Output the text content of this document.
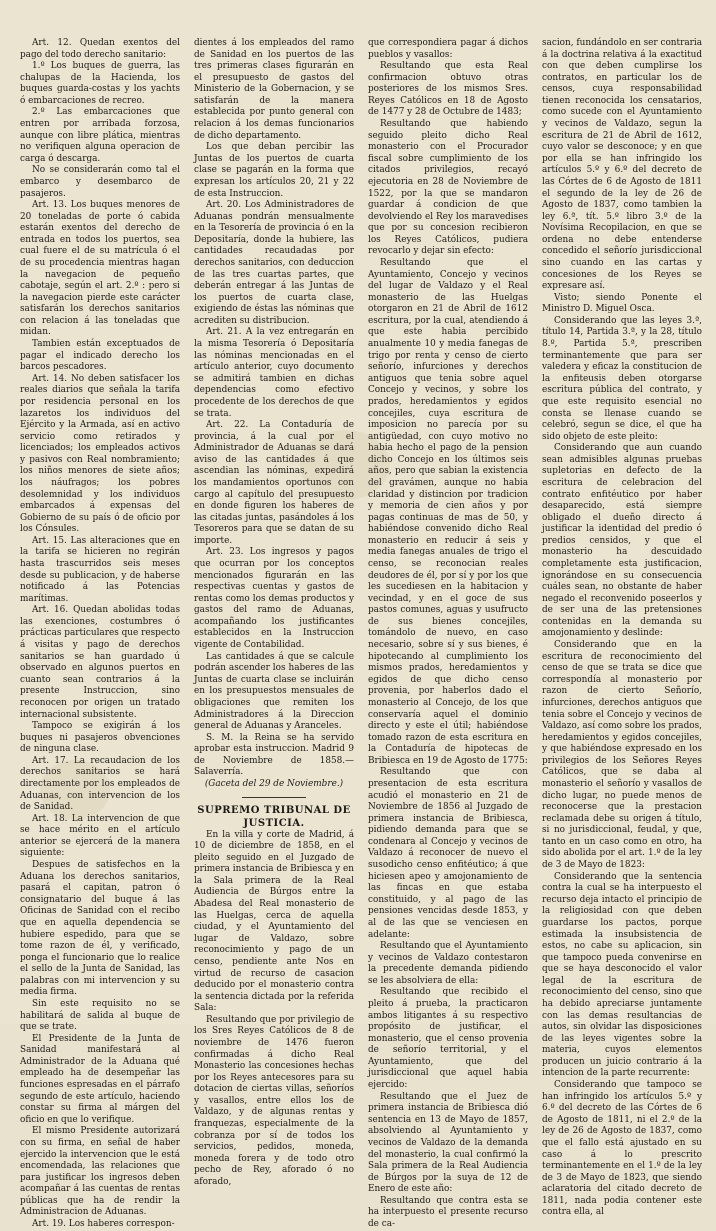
Art. 12. Quedan exentos del pago del todo derecho sanitario:

1.º Los buques de guerra, las chalupas de la Hacienda, los buques guarda-costas y los yachts ó embarcaciones de recreo.

2.º Las embarcaciones que entren por arribada forzosa, aunque con libre plática, mientras no verifiquen alguna operacion de carga ó descarga.

No se considerarán como tal el embarco y desembarco de pasajeros.

Art. 13. Los buques menores de 20 toneladas de porte ó cabida estarán exentos del derecho de entrada en todos los puertos, sea cual fuere el de su matrícula ó el de su procedencia mientras hagan la navegacion de pequeño cabotaje, según el art. 2.º : pero si la navegacion pierde este carácter satisfarán los derechos sanitarios con relacion á las toneladas que midan.

Tambien están exceptuados de pagar el indicado derecho los barcos pescadores.

Art. 14. No deben satisfacer los reales diarios que señala la tarifa por residencia personal en los lazaretos los individuos del Ejército y la Armada, así en activo servicio como retirados y licenciados; los empleados activos y pasivos con Real nombramiento; los niños menores de siete años; los náufragos; los pobres desolemnidad y los individuos embarcados á expensas del Gobierno de su país ó de oficio por los Cónsules.

Art. 15. Las alteraciones que en la tarifa se hicieren no regirán hasta trascurridos seis meses desde su publicacion, y de haberse notificado á las Potencias marítimas.

Art. 16. Quedan abolidas todas las exenciones, costumbres ó prácticas particulares que respecto á visitas y pago de derechos sanitarios se han guardado ú observado en algunos puertos en cuanto sean contrarios á la presente Instruccion, sino reconocen por origen un tratado internacional subsistente.

Tampoco se exigirán á los buques ni pasajeros obvenciones de ninguna clase.

Art. 17. La recaudacion de los derechos sanitarios se hará directamente por los empleados de Aduanas, con intervencion de los de Sanidad.

Art. 18. La intervencion de que se hace mérito en el artículo anterior se ejercerá de la manera siguiente:

Despues de satisfechos en la Aduana los derechos sanitarios, pasará el capitan, patron ó consignatario del buque á las Oficinas de Sanidad con el recibo que en aquella dependencia se hubiere espedido, para que se tome razon de él, y verificado, ponga el funcionario que lo realice el sello de la Junta de Sanidad, las palabras con mi intervencion y su media firma.

Sin este requisito no se habilitará de salida al buque de que se trate.

El Presidente de la Junta de Sanidad manifestará al Administrador de la Aduana qué empleado ha de desempeñar las funciones espresadas en el párrafo segundo de este artículo, haciendo constar su firma al márgen del oficio en que lo verifique.

El mismo Presidente autorizará con su firma, en señal de haber ejercido la intervencion que le está encomendada, las relaciones que para justificar los ingresos deben acompañar á las cuentas de rentas públicas que ha de rendir la Administracion de Aduanas.

Art. 19. Los haberes correspon-

dientes á los empleados del ramo de Sanidad en los puertos de las tres primeras clases figurarán en el presupuesto de gastos del Ministerio de la Gobernacion, y se satisfarán de la manera establecida por punto general con relacion á los demas funcionarios de dicho departamento.

Los que deban percibir las Juntas de los puertos de cuarta clase se pagarán en la forma que expresan los artículos 20, 21 y 22 de esta Instruccion.

Art. 20. Los Administradores de Aduanas pondrán mensualmente en la Tesorería de provincia ó en la Depositaría, donde la hubiere, las cantidades recaudadas por derechos sanitarios, con deduccion de las tres cuartas partes, que deberán entregar á las Juntas de los puertos de cuarta clase, exigiendo de éstas las nóminas que acrediten su distribucion.

Art. 21. A la vez entregarán en la misma Tesorería ó Depositaría las nóminas mencionadas en el artículo anterior, cuyo documento se admitirá tambien en dichas dependencias como efectivo procedente de los derechos de que se trata.

Art. 22. La Contaduría de provincia, á la cual por el Administrador de Aduanas se dará aviso de las cantidades á que ascendian las nóminas, expedirá los mandamientos oportunos con cargo al capítulo del presupuesto en donde figuren los haberes de las citadas juntas, pasándoles á los Tesoreros para que se datan de su importe.

Art. 23. Los ingresos y pagos que ocurran por los conceptos mencionados figurarán en las respectivas cuentas y gastos de rentas como los demas productos y gastos del ramo de Aduanas, acompañando los justificantes establecidos en la Instruccion vigente de Contabilidad.

Las cantidades á que se calcule podrán ascender los haberes de las Juntas de cuarta clase se incluirán en los presupuestos mensuales de obligaciones que remiten los Administradores á la Direccion general de Aduanas y Aranceles.

S. M. la Reina se ha servido aprobar esta instruccion. Madrid 9 de Noviembre de 1858.—Salaverría.

(Gaceta del 29 de Noviembre.)

SUPREMO TRIBUNAL DE JUSTICIA.

En la villa y corte de Madrid, á 10 de diciembre de 1858, en el pleito seguido en el Juzgado de primera instancia de Bribiesca y en la Sala primera de la Real Audiencia de Búrgos entre la Abadesa del Real monasterio de las Huelgas, cerca de aquella ciudad, y el Ayuntamiento del lugar de Valdazo, sobre reconocimiento y pago de un censo, pendiente ante Nos en virtud de recurso de casacion deducido por el monasterio contra la sentencia dictada por la referida Sala:

Resultando que por privilegio de los Sres Reyes Católicos de 8 de noviembre de 1476 fueron confirmadas á dicho Real Monasterio las concesiones hechas por los Reyes antecesores para su dotacion de ciertas villas, señoríos y vasallos, entre ellos los de Valdazo, y de algunas rentas y franquezas, especialmente de la cobranza por sí de todos los servicios, pedidos, moneda, moneda forera y de todo otro pecho de Rey, aforado ó no aforado,

que correspondiera pagar á dichos pueblos y vasallos:

Resultando que esta Real confirmacion obtuvo otras posteriores de los mismos Sres. Reyes Católicos en 18 de Agosto de 1477 y 28 de Octubre de 1483;

Resultando que habiendo seguido pleito dicho Real monasterio con el Procurador fiscal sobre cumplimiento de los citados privilegios, recayó ejecutoria en 28 de Noviembre de 1522, por la que se mandaron guardar á condicion de que devolviendo el Rey los maravedises que por su concesion recibieron los Reyes Católicos, pudiera revocarlo y dejar sin efecto:

Resultando que el Ayuntamiento, Concejo y vecinos del lugar de Valdazo y el Real monasterio de las Huelgas otorgaron en 21 de Abril de 1612 escritura, por la cual, atendiendo á que este habia percibido anualmente 10 y media fanegas de trigo por renta y censo de cierto señorío, infurciones y derechos antiguos que tenia sobre aquel Concejo y vecinos, y sobre los prados, heredamientos y egidos concejiles, cuya escritura de imposicion no parecía por su antigüedad, con cuyo motivo no habia hecho el pago de la pension dicho Concejo en los últimos seis años, pero que sabian la existencia del gravámen, aunque no habia claridad y distincion por tradicion y memoria de cien años y por pagas continuas de mas de 50, y habiéndose convenido dicho Real monasterio en reducir á seis y media fanegas anuales de trigo el censo, se reconocian reales deudores de él, por sí y por los que les sucediesen en la habitacion y vecindad, y en el goce de sus pastos comunes, aguas y usufructo de sus bienes concejiles, tomándolo de nuevo, en caso necesario, sobre sí y sus bienes, é hipotecando al cumplimiento los mismos prados, heredamientos y egidos de que dicho censo provenia, por haberlos dado el monasterio al Concejo, de los que conservaría aquel el dominio directo y este el útil; habiéndose tomado razon de esta escritura en la Contaduría de hipotecas de Bribiesca en 19 de Agosto de 1775:

Resultando que con presentacion de esta escritura acudió el monasterio en 21 de Noviembre de 1856 al Juzgado de primera instancia de Bribiesca, pidiendo demanda para que se condenara al Concejo y vecinos de Valdazo á reconocer de nuevo el susodicho censo enfitéutico; á que hiciesen apeo y amojonamiento de las fincas en que estaba constituido, y al pago de las pensiones vencidas desde 1853, y al de las que se venciesen en adelante:

Resultando que el Ayuntamiento y vecinos de Valdazo contestaron la precedente demanda pidiendo se les absolviera de ella:

Resultando que recibido el pleito á prueba, la practicaron ambos litigantes á su respectivo propósito de justificar, el monasterio, que el censo provenia de señorío territorial, y el Ayuntamiento, que del jurisdiccional que aquel habia ejercido:

Resultando que el Juez de primera instancia de Bribiesca dió sentencia en 13 de Mayo de 1857, absolviendo al Ayuntamiento y vecinos de Valdazo de la demanda del monasterio, la cual confirmó la Sala primera de la Real Audiencia de Búrgos por la suya de 12 de Enero de este año:

Resultando que contra esta se ha interpuesto el presente recurso de ca-

sacion, fundándolo en ser contraria á la doctrina relativa á la exactitud con que deben cumplirse los contratos, en particular los de censos, cuya responsabilidad tienen reconocida los censatarios, como sucede con el Ayuntamiento y vecinos de Valdazo, segun la escritura de 21 de Abril de 1612, cuyo valor se desconoce; y en que por ella se han infringido los artículos 5.º y 6.º del decreto de las Córtes de 6 de Agosto de 1811 el segundo de la ley de 26 de Agosto de 1837, como tambien la ley 6.ª, tít. 5.º libro 3.º de la Novísima Recopilacion, en que se ordena no debe entenderse concedido el señorío jurisdiccional sino cuando en las cartas y concesiones de los Reyes se expresare así.

Visto; siendo Ponente el Ministro D. Miguel Osca.

Considerando que las leyes 3.ª, título 14, Partida 3.ª, y la 28, título 8.º, Partida 5.ª, prescriben terminantemente que para ser valedera y eficaz la constitucion de la enfiteusis deben otorgarse escritura pública del contrato, y que este requisito esencial no consta se llenase cuando se celebró, segun se dice, el que ha sido objeto de este pleito:

Considerando que aun cuando sean admisibles algunas pruebas supletorias en defecto de la escritura de celebracion del contrato enfitéutico por haber desaparecido, está siempre obligado el dueño directo á justificar la identidad del predio ó predios censidos, y que el monasterio ha descuidado completamente esta justificacion, ignorándose en su consecuencia cuáles sean, no obstante de haber negado el reconvenido poseerlos y de ser una de las pretensiones contenidas en la demanda su amojonamiento y deslinde:

Considerando que en la escritura de reconocimiento del censo de que se trata se dice que correspondía al monasterio por razon de cierto Señorío, infurciones, derechos antiguos que tenia sobre el Concejo y vecinos de Valdazo, así como sobre los prados, heredamientos y egidos concejiles, y que habiéndose expresado en los privilegios de los Señores Reyes Católicos, que se daba al monasterio el señorío y vasallos de dicho lugar, no puede menos de reconocerse que la prestacion reclamada debe su origen á título, si no jurisdiccional, feudal, y que, tanto en un caso como en otro, ha sido abolida por el art. 1.º de la ley de 3 de Mayo de 1823:

Considerando que la sentencia contra la cual se ha interpuesto el recurso deja intacto el principio de la religiosidad con que deben guardarse los pactos, porque estimada la insubsistencia de estos, no cabe su aplicacion, sin que tampoco pueda convenirse en que se haya desconocido el valor legal de la escritura de reconocimiento del censo, sino que ha debido apreciarse juntamente con las demas resultancias de autos, sin olvidar las disposiciones de las leyes vigentes sobre la materia, cuyos elementos producen un juicio contrario á la intencion de la parte recurrente:

Considerando que tampoco se han infringido los artículos 5.º y 6.º del decreto de las Córtes de 6 de Agosto de 1811, ni el 2.º de la ley de 26 de Agosto de 1837, como que el fallo está ajustado en su caso á lo prescrito terminantemente en el 1.º de la ley de 3 de Mayo de 1823, que siendo aclaratoria del citado decreto de 1811, nada podia contener este contra ella, al
